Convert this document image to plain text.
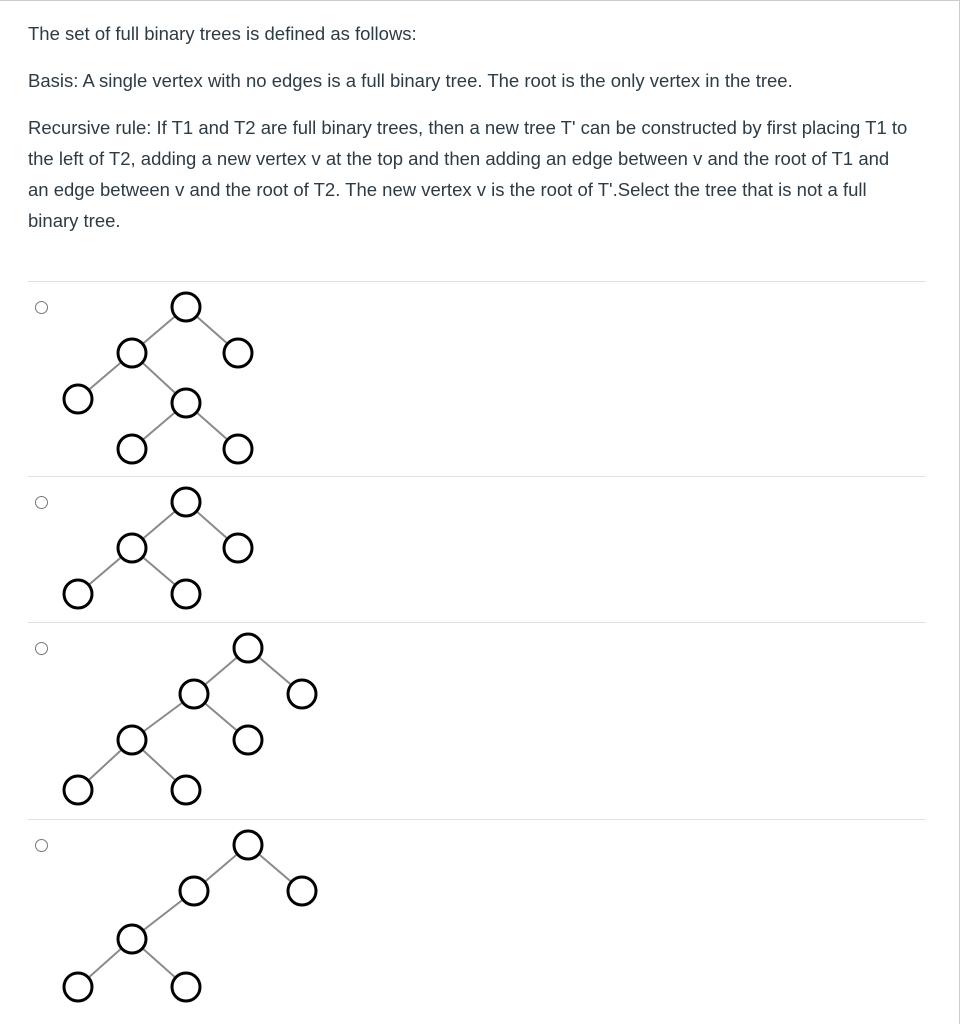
The set of full binary trees is defined as follows:

Basis: A single vertex with no edges is a full binary tree. The root is the only vertex in the tree.

Recursive rule: If T1 and T2 are full binary trees, then a new tree T' can be constructed by first placing T1 to the left of T2, adding a new vertex v at the top and then adding an edge between v and the root of T1 and an edge between v and the root of T2. The new vertex v is the root of T'.Select the tree that is not a full binary tree.
